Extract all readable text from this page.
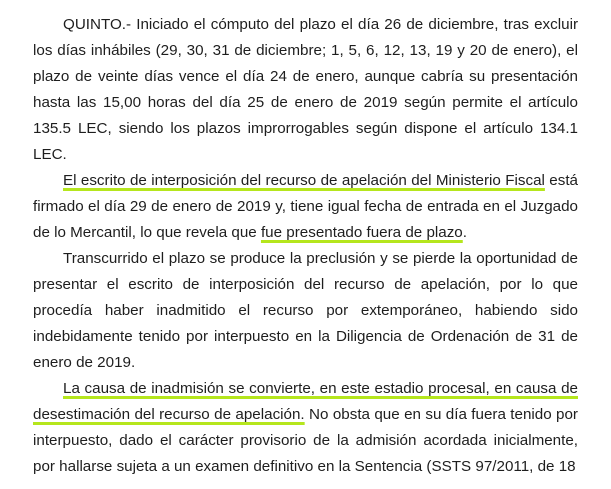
QUINTO.- Iniciado el cómputo del plazo el día 26 de diciembre, tras excluir los días inhábiles (29, 30, 31 de diciembre; 1, 5, 6, 12, 13, 19 y 20 de enero), el plazo de veinte días vence el día 24 de enero, aunque cabría su presentación hasta las 15,00 horas del día 25 de enero de 2019 según permite el artículo 135.5 LEC, siendo los plazos improrrogables según dispone el artículo 134.1 LEC.

El escrito de interposición del recurso de apelación del Ministerio Fiscal está firmado el día 29 de enero de 2019 y, tiene igual fecha de entrada en el Juzgado de lo Mercantil, lo que revela que fue presentado fuera de plazo.

Transcurrido el plazo se produce la preclusión y se pierde la oportunidad de presentar el escrito de interposición del recurso de apelación, por lo que procedía haber inadmitido el recurso por extemporáneo, habiendo sido indebidamente tenido por interpuesto en la Diligencia de Ordenación de 31 de enero de 2019.

La causa de inadmisión se convierte, en este estadio procesal, en causa de desestimación del recurso de apelación. No obsta que en su día fuera tenido por interpuesto, dado el carácter provisorio de la admisión acordada inicialmente, por hallarse sujeta a un examen definitivo en la Sentencia (SSTS 97/2011, de 18
